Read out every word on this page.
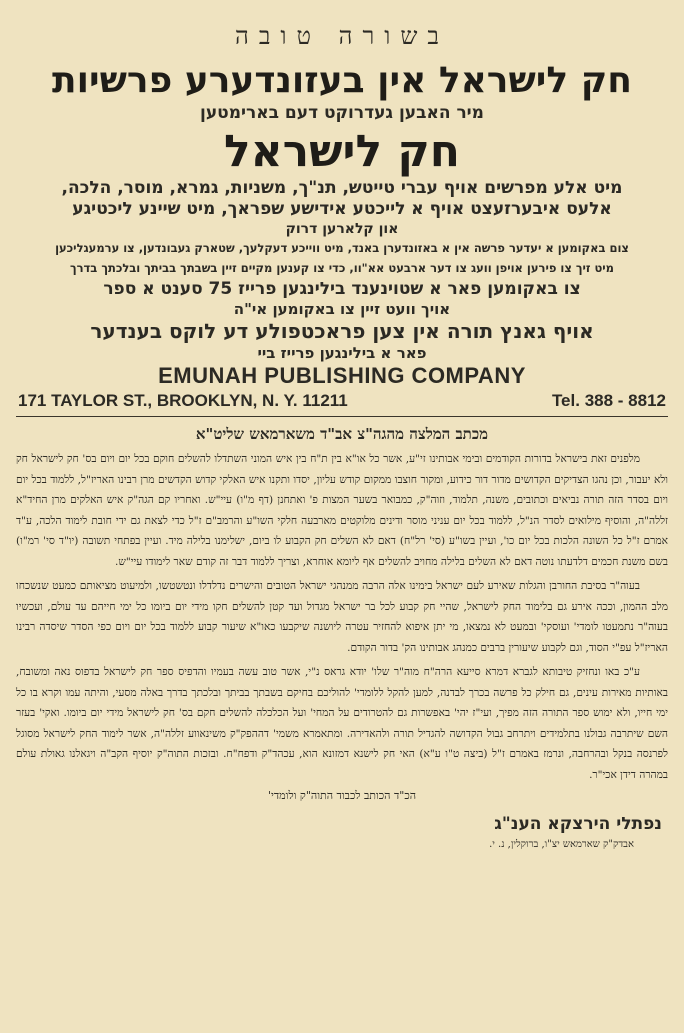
בשורה טובה
חק לישראל אין בעזונדערע פרשיות
מיר האבען געדרוקט דעם בארימטען
חק לישראל
מיט אלע מפרשים אויף עברי טייטש, תנ"ך, משניות, גמרא, מוסר, הלכה,
אלעס איבערזעצט אויף א לייכטע אידישע שפראך, מיט שיינע ליכטיגע
און קלארען דרוק
צום באקומען א יעדער פרשה אין א באזונדערן באנד, מיט ווייכע דעקלעך, שטארק געבונדען, צו ערמעגליכען
מיט זיך צו פירען אויפן וועג צו דער ארבעט אא"וו, כדי צו קענען מקיים זיין בשבתך בביתך ובלכתך בדרך
צו באקומען פאר א שטוינענד בילינגען פרייז 75 סענט א ספר
אויך וועט זיין צו באקומען אי"ה
אויף גאנץ תורה אין צען פראכטפולע דע לוקס בענדער
פאר א בילינגען פרייז ביי
EMUNAH PUBLISHING COMPANY
171 TAYLOR ST., BROOKLYN, N. Y. 11211	Tel. 388 - 8812
מכתב המלצה מהגה"צ אב"ד משארמאש שליט"א

מלפנים זאת בישראל בדורות הקודמים ובימי אבותינו זי"ע, אשר כל או"א בין ת"ח בין איש המוני השתדלו להשלים חוקם בכל יום ויום בס' חק לישראל חק ולא יעבור, וכן נהגו הצדיקים הקדושים מדור דור כידוע, ומקור חוצבו ממקום קודש עליון, יסדו ותקנו איש האלקי קדוש הקדשים מרן רבינו האריז"ל, ללמוד בכל יום ויום בסדר הזה תורה נביאים וכתובים, משנה, תלמוד, וזוה"ק, כמבואר בשער המצות פ' ואתחנן (דף מ"ו) עיי"ש. ואחריו קם הגה"ק איש האלקים מרן החיד"א זללה"ה, והוסיף מילואים לסדר הנ"ל, ללמוד בכל יום עניני מוסר ודינים מלוקטים מארבעה חלקי השו"ע והרמב"ם ז"ל כדי לצאת גם ידי חובת לימוד הלכה, ע"ד אמרם ז"ל כל השונה הלכות בכל יום כו', ועיין בשו"ע (סי' רל"ח) דאם לא השלים חק הקבוע לו ביום, ישלימנו בלילה מיד. ועיין בפתחי תשובה (יו"ד סי' רמ"ו) בשם משנת חכמים דלדעתו נוטה דאם לא השלים בלילה מחויב להשלים אף ליומא אוחרא, וצריך ללמוד דבר זה קודם שאר לימודו עיי"ש.

בעוה"ר בסיבת החורבן והגלות שאירע לעם ישראל בימינו אלה הרבה ממנהגי ישראל הטובים והישרים נדלדלו ונטשטשו, ולמיעוט מציאותם כמעט שנשכחו מלב ההמון, וככה אירע גם בלימוד החק לישראל, שהיי חק קבוע לכל בר ישראל מגדול ועד קטן להשלים חקו מידי יום ביומו כל ימי חייהם עד עולם, ועכשיו בעוה"ר נתמעטו לומדי' ועוסקי' ובמעט לא נמצאו, מי יתן איפוא להחזיר עטרה ליושנה שיקבעו כאו"א שיעור קבוע ללמוד בכל יום ויום כפי הסדר שיסדה רבינו האריז"ל עפ"י הסוד, וגם לקבוע שיעורין ברבים כמנהג אבותינו הק' בדור הקודם.

ע"כ באו ונחזיק טיבותא לגברא דמרא סייעא הרה"ח מוה"ר שלו' יודא גראס נ"י, אשר טוב עשה בעמיו והדפיס ספר חק לישראל בדפוס נאה ומשובח, באותיות מאירות עינים, גם חילק כל פרשה בכרך לבדנה, למען להקל ללומדי' להוליכם בחיקם בשבתך בביתך ובלכתך בדרך באלה מסעי, והיתה עמו וקרא בו כל ימי חייו, ולא ימוש ספר התורה הזה מפיך, ועי"ז יהי' באפשרות גם להטרודים על המחי' ועל הכלכלה להשלים חקם בס' חק לישראל מידי יום ביומו. ואקי' בעזר השם שיתרבה גבולנו בתלמידים ויתרחב גבול הקדושה להגדיל תורה ולהאדירה. ומתאמרא משמי' דההפק"ק משינאווע זללה"ה, אשר לימוד החק לישראל מסוגל לפרנסה בנקל ובהרחבה, ונרמז באמרם ז"ל (ביצה ט"ו ע"א) האי חק לישנא דמזונא הוא, עכהד"ק ודפח"ח. ובזכות התוה"ק יוסיף הקב"ה ויגאלנו גאולת עולם במהרה דידן אכי"ר.

הכ"ד הכותב לכבוד התוה"ק ולומדי'
נפתלי הירצקא הענ"ג
אבדק"ק שארמאש יצ"ו, ברוקלין, נ. י.
